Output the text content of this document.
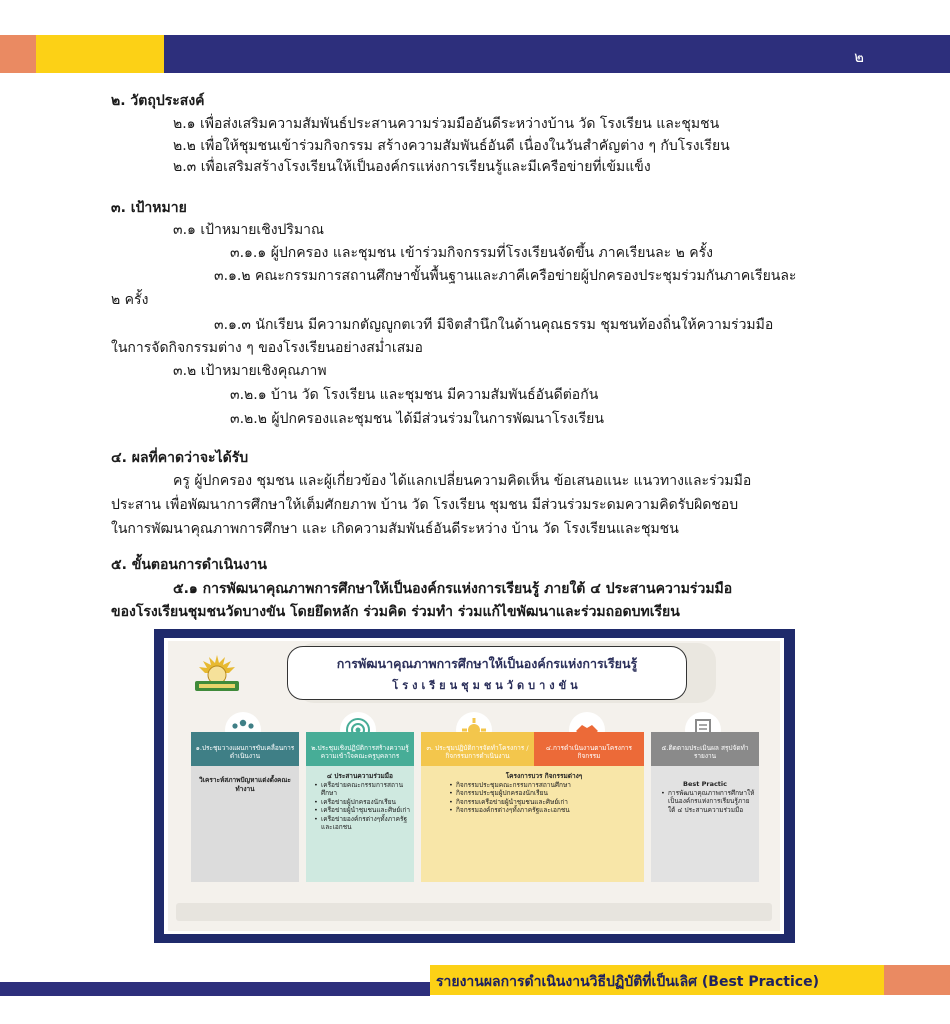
๒
๒. วัตถุประสงค์
๒.๑ เพื่อส่งเสริมความสัมพันธ์ประสานความร่วมมืออันดีระหว่างบ้าน วัด โรงเรียน และชุมชน
๒.๒ เพื่อให้ชุมชนเข้าร่วมกิจกรรม สร้างความสัมพันธ์อันดี เนื่องในวันสำคัญต่าง ๆ กับโรงเรียน
๒.๓ เพื่อเสริมสร้างโรงเรียนให้เป็นองค์กรแห่งการเรียนรู้และมีเครือข่ายที่เข้มแข็ง
๓. เป้าหมาย
๓.๑ เป้าหมายเชิงปริมาณ
๓.๑.๑ ผู้ปกครอง และชุมชน เข้าร่วมกิจกรรมที่โรงเรียนจัดขึ้น ภาคเรียนละ ๒ ครั้ง
๓.๑.๒ คณะกรรมการสถานศึกษาขั้นพื้นฐานและภาคีเครือข่ายผู้ปกครองประชุมร่วมกันภาคเรียนละ
๒ ครั้ง
๓.๑.๓ นักเรียน มีความกตัญญูกตเวที มีจิตสำนึกในด้านคุณธรรม ชุมชนท้องถิ่นให้ความร่วมมือ
ในการจัดกิจกรรมต่าง ๆ ของโรงเรียนอย่างสม่ำเสมอ
๓.๒ เป้าหมายเชิงคุณภาพ
๓.๒.๑ บ้าน วัด โรงเรียน และชุมชน มีความสัมพันธ์อันดีต่อกัน
๓.๒.๒ ผู้ปกครองและชุมชน ได้มีส่วนร่วมในการพัฒนาโรงเรียน
๔. ผลที่คาดว่าจะได้รับ
ครู ผู้ปกครอง ชุมชน และผู้เกี่ยวข้อง ได้แลกเปลี่ยนความคิดเห็น ข้อเสนอแนะ แนวทางและร่วมมือ
ประสาน เพื่อพัฒนาการศึกษาให้เต็มศักยภาพ บ้าน วัด โรงเรียน ชุมชน มีส่วนร่วมระดมความคิดรับผิดชอบ
ในการพัฒนาคุณภาพการศึกษา และ เกิดความสัมพันธ์อันดีระหว่าง บ้าน วัด โรงเรียนและชุมชน
๕. ขั้นตอนการดำเนินงาน
๕.๑ การพัฒนาคุณภาพการศึกษาให้เป็นองค์กรแห่งการเรียนรู้ ภายใต้ ๔ ประสานความร่วมมือ
ของโรงเรียนชุมชนวัดบางขัน โดยยึดหลัก ร่วมคิด ร่วมทำ ร่วมแก้ไขพัฒนาและร่วมถอดบทเรียน
การพัฒนาคุณภาพการศึกษาให้เป็นองค์กรแห่งการเรียนรู้
โรงเรียนชุมชนวัดบางขัน
๑.ประชุมวางแผนการขับเคลื่อนการดำเนินงาน
วิเคราะห์สภาพปัญหาแต่งตั้งคณะทำงาน
๒.ประชุมเชิงปฏิบัติการสร้างความรู้ ความเข้าใจคณะครูบุคลากร
๔ ประสานความร่วมมือ
• เครือข่ายคณะกรรมการสถานศึกษา
• เครือข่ายผู้ปกครองนักเรียน
• เครือข่ายผู้นำชุมชนและศิษย์เก่า
• เครือข่ายองค์กรต่างๆทั้งภาครัฐและเอกชน
๓. ประชุมปฏิบัติการจัดทำโครงการ / กิจกรรมการดำเนินงาน
๔.การดำเนินงานตามโครงการกิจกรรม
โครงการบวร กิจกรรมต่างๆ
• กิจกรรมประชุมคณะกรรมการสถานศึกษา
• กิจกรรมประชุมผู้ปกครองนักเรียน
• กิจกรรมเครือข่ายผู้นำชุมชนและศิษย์เก่า
• กิจกรรมองค์กรต่างๆทั้งภาครัฐและเอกชน
๕.ติดตามประเมินผล สรุปจัดทำรายงาน
Best Practic
• การพัฒนาคุณภาพการศึกษาให้เป็นองค์กรแห่งการเรียนรู้ภายใต้ ๔ ประสานความร่วมมือ
รายงานผลการดำเนินงานวิธีปฏิบัติที่เป็นเลิศ (Best Practice)
